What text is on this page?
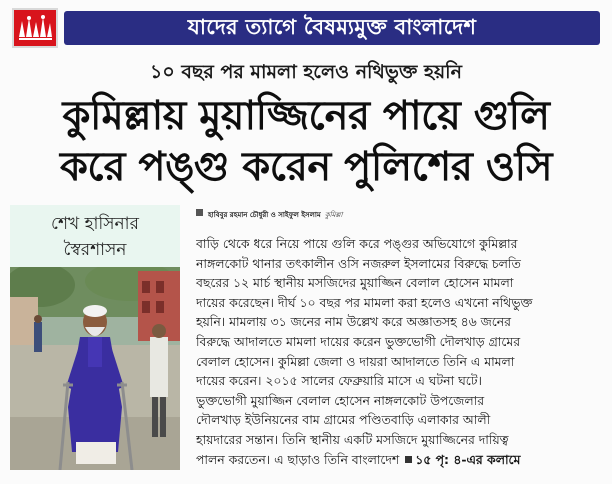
যাদের ত্যাগে বৈষম্যমুক্ত বাংলাদেশ
১০ বছর পর মামলা হলেও নথিভুক্ত হয়নি
কুমিল্লায় মুয়াজ্জিনের পায়ে গুলি
করে পঙ্গু করেন পুলিশের ওসি
শেখ হাসিনার
স্বৈরশাসন
হাবিবুর রহমান চৌধুরী ও সাইফুল ইসলাম কুমিল্লা
বাড়ি থেকে ধরে নিয়ে পায়ে গুলি করে পঙ্গুর অভিযোগে কুমিল্লার
নাঙ্গলকোট থানার তৎকালীন ওসি নজরুল ইসলামের বিরুদ্ধে চলতি
বছরের ১২ মার্চ স্থানীয় মসজিদের মুয়াজ্জিন বেলাল হোসেন মামলা
দায়ের করেছেন। দীর্ঘ ১০ বছর পর মামলা করা হলেও এখনো নথিভুক্ত
হয়নি। মামলায় ৩১ জনের নাম উল্লেখ করে অজ্ঞাতসহ ৪৬ জনের
বিরুদ্ধে আদালতে মামলা দায়ের করেন ভুক্তভোগী দৌলখাড় গ্রামের
বেলাল হোসেন। কুমিল্লা জেলা ও দায়রা আদালতে তিনি এ মামলা
দায়ের করেন। ২০১৫ সালের ফেব্রুয়ারি মাসে এ ঘটনা ঘটে।
ভুক্তভোগী মুয়াজ্জিন বেলাল হোসেন নাঙ্গলকোট উপজেলার
দৌলখাড় ইউনিয়নের বাম গ্রামের পণ্ডিতবাড়ি এলাকার আলী
হায়দারের সন্তান। তিনি স্থানীয় একটি মসজিদে মুয়াজ্জিনের দায়িত্ব
পালন করতেন। এ ছাড়াও তিনি বাংলাদেশ ১৫ পৃ: ৪-এর কলামে
